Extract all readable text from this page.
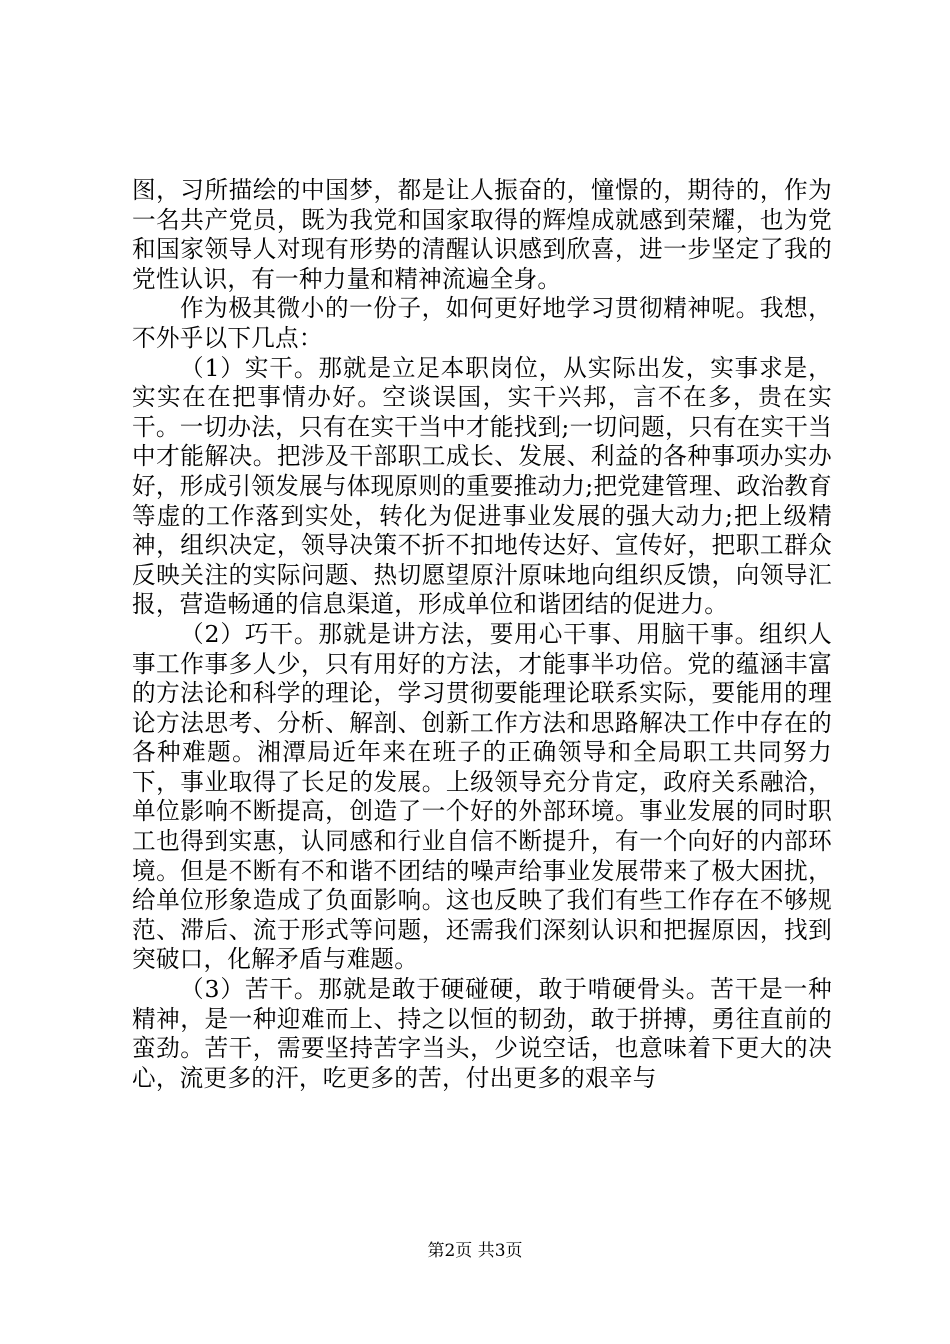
图，习所描绘的中国梦，都是让人振奋的，憧憬的，期待的，作为一名共产党员，既为我党和国家取得的辉煌成就感到荣耀，也为党和国家领导人对现有形势的清醒认识感到欣喜，进一步坚定了我的党性认识，有一种力量和精神流遍全身。

作为极其微小的一份子，如何更好地学习贯彻精神呢。我想，不外乎以下几点：

（1）实干。那就是立足本职岗位，从实际出发，实事求是，实实在在把事情办好。空谈误国，实干兴邦，言不在多，贵在实干。一切办法，只有在实干当中才能找到;一切问题，只有在实干当中才能解决。把涉及干部职工成长、发展、利益的各种事项办实办好，形成引领发展与体现原则的重要推动力;把党建管理、政治教育等虚的工作落到实处，转化为促进事业发展的强大动力;把上级精神，组织决定，领导决策不折不扣地传达好、宣传好，把职工群众反映关注的实际问题、热切愿望原汁原味地向组织反馈，向领导汇报，营造畅通的信息渠道，形成单位和谐团结的促进力。

（2）巧干。那就是讲方法，要用心干事、用脑干事。组织人事工作事多人少，只有用好的方法，才能事半功倍。党的蕴涵丰富的方法论和科学的理论，学习贯彻要能理论联系实际，要能用的理论方法思考、分析、解剖、创新工作方法和思路解决工作中存在的各种难题。湘潭局近年来在班子的正确领导和全局职工共同努力下，事业取得了长足的发展。上级领导充分肯定，政府关系融洽，单位影响不断提高，创造了一个好的外部环境。事业发展的同时职工也得到实惠，认同感和行业自信不断提升，有一个向好的内部环境。但是不断有不和谐不团结的噪声给事业发展带来了极大困扰，给单位形象造成了负面影响。这也反映了我们有些工作存在不够规范、滞后、流于形式等问题，还需我们深刻认识和把握原因，找到突破口，化解矛盾与难题。

（3）苦干。那就是敢于硬碰硬，敢于啃硬骨头。苦干是一种精神，是一种迎难而上、持之以恒的韧劲，敢于拼搏，勇往直前的蛮劲。苦干，需要坚持苦字当头，少说空话，也意味着下更大的决心，流更多的汗，吃更多的苦，付出更多的艰辛与

第2页 共3页
